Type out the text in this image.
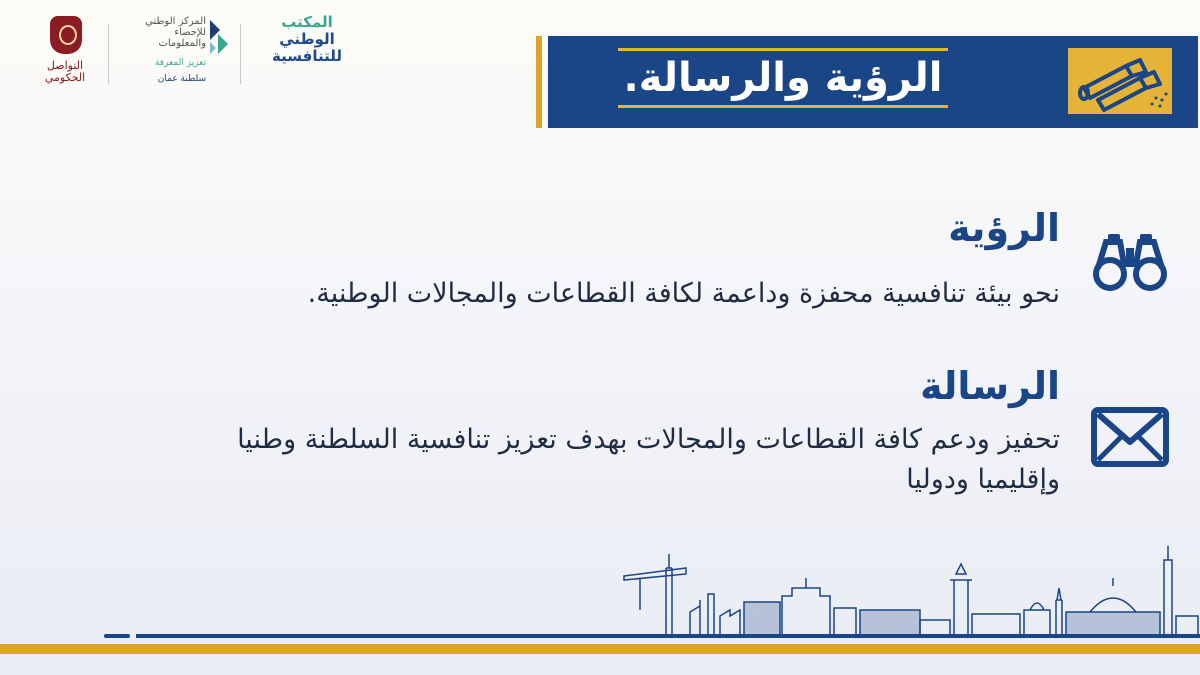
التواصل الحكومي
المركز الوطني للإحصاء والمعلومات
تعزيز المعرفة
سلطنة عمان
المكتب
الوطني
للتنافسية	الرؤية والرسالة.
الرؤية
نحو بيئة تنافسية محفزة وداعمة لكافة القطاعات والمجالات الوطنية.
الرسالة
تحفيز ودعم كافة القطاعات والمجالات بهدف تعزيز تنافسية السلطنة وطنيا وإقليميا ودوليا
